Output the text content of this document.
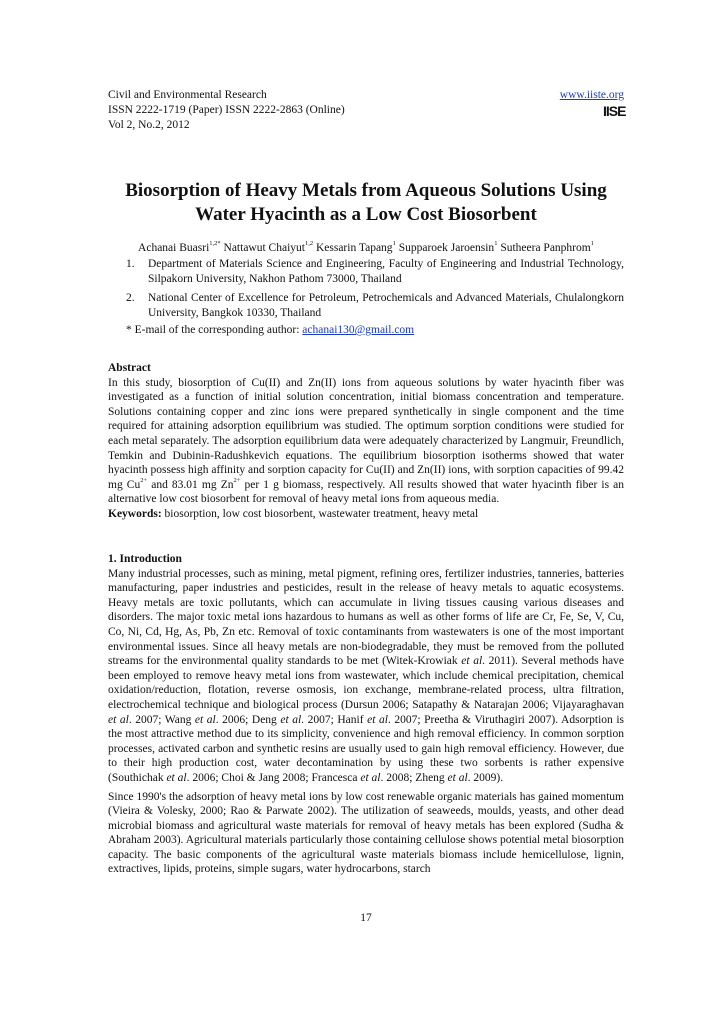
Civil and Environmental Research
ISSN 2222-1719 (Paper) ISSN 2222-2863 (Online)
Vol 2, No.2, 2012
www.iiste.org
IISE
Biosorption of Heavy Metals from Aqueous Solutions Using
Water Hyacinth as a Low Cost Biosorbent
Achanai Buasri$^{1,2*}$ Nattawut Chaiyut$^{1,2}$ Kessarin Tapang$^1$ Supparoek Jaroensin$^1$ Sutheera Panphrom$^1$
1. Department of Materials Science and Engineering, Faculty of Engineering and Industrial Technology, Silpakorn University, Nakhon Pathom 73000, Thailand
2. National Center of Excellence for Petroleum, Petrochemicals and Advanced Materials, Chulalongkorn University, Bangkok 10330, Thailand
* E-mail of the corresponding author: achanai130@gmail.com
Abstract
In this study, biosorption of Cu(II) and Zn(II) ions from aqueous solutions by water hyacinth fiber was investigated as a function of initial solution concentration, initial biomass concentration and temperature. Solutions containing copper and zinc ions were prepared synthetically in single component and the time required for attaining adsorption equilibrium was studied. The optimum sorption conditions were studied for each metal separately. The adsorption equilibrium data were adequately characterized by Langmuir, Freundlich, Temkin and Dubinin-Radushkevich equations. The equilibrium biosorption isotherms showed that water hyacinth possess high affinity and sorption capacity for Cu(II) and Zn(II) ions, with sorption capacities of 99.42 mg $Cu^{2+}$ and 83.01 mg $Zn^{2+}$ per 1 g biomass, respectively. All results showed that water hyacinth fiber is an alternative low cost biosorbent for removal of heavy metal ions from aqueous media.
Keywords: biosorption, low cost biosorbent, wastewater treatment, heavy metal
1. Introduction
Many industrial processes, such as mining, metal pigment, refining ores, fertilizer industries, tanneries, batteries manufacturing, paper industries and pesticides, result in the release of heavy metals to aquatic ecosystems. Heavy metals are toxic pollutants, which can accumulate in living tissues causing various diseases and disorders. The major toxic metal ions hazardous to humans as well as other forms of life are Cr, Fe, Se, V, Cu, Co, Ni, Cd, Hg, As, Pb, Zn etc. Removal of toxic contaminants from wastewaters is one of the most important environmental issues. Since all heavy metals are non-biodegradable, they must be removed from the polluted streams for the environmental quality standards to be met (Witek-Krowiak et al. 2011). Several methods have been employed to remove heavy metal ions from wastewater, which include chemical precipitation, chemical oxidation/reduction, flotation, reverse osmosis, ion exchange, membrane-related process, ultra filtration, electrochemical technique and biological process (Dursun 2006; Satapathy & Natarajan 2006; Vijayaraghavan et al. 2007; Wang et al. 2006; Deng et al. 2007; Hanif et al. 2007; Preetha & Viruthagiri 2007). Adsorption is the most attractive method due to its simplicity, convenience and high removal efficiency. In common sorption processes, activated carbon and synthetic resins are usually used to gain high removal efficiency. However, due to their high production cost, water decontamination by using these two sorbents is rather expensive (Southichak et al. 2006; Choi & Jang 2008; Francesca et al. 2008; Zheng et al. 2009).
Since 1990's the adsorption of heavy metal ions by low cost renewable organic materials has gained momentum (Vieira & Volesky, 2000; Rao & Parwate 2002). The utilization of seaweeds, moulds, yeasts, and other dead microbial biomass and agricultural waste materials for removal of heavy metals has been explored (Sudha & Abraham 2003). Agricultural materials particularly those containing cellulose shows potential metal biosorption capacity. The basic components of the agricultural waste materials biomass include hemicellulose, lignin, extractives, lipids, proteins, simple sugars, water hydrocarbons, starch
17
